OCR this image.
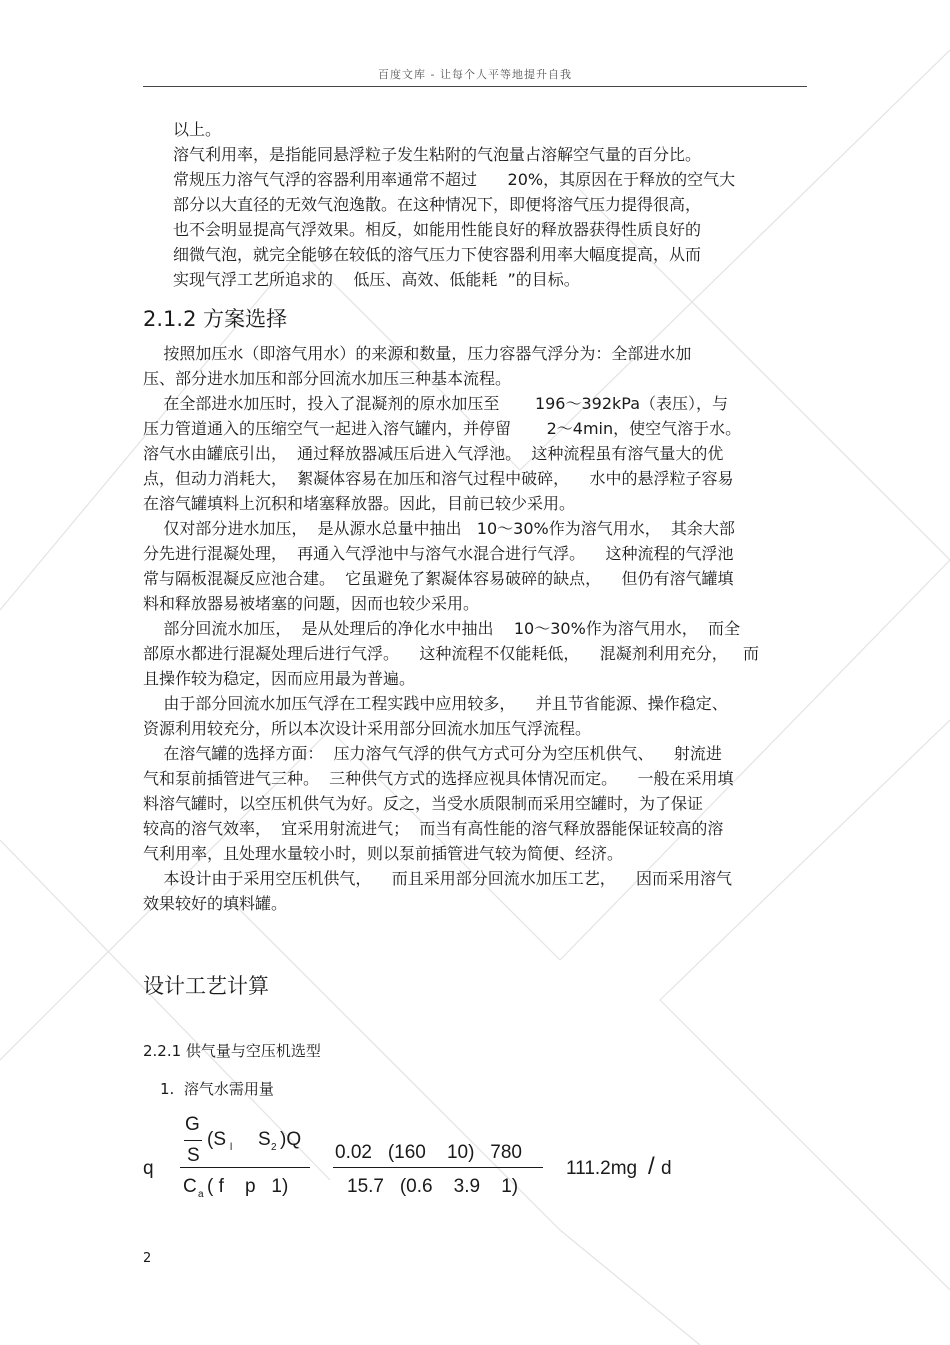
百度文库 - 让每个人平等地提升自我
以上。
溶气利用率，是指能同悬浮粒子发生粘附的气泡量占溶解空气量的百分比。
常规压力溶气气浮的容器利用率通常不超过      20%，其原因在于释放的空气大
部分以大直径的无效气泡逸散。在这种情况下，即便将溶气压力提得很高，
也不会明显提高气浮效果。相反，如能用性能良好的释放器获得性质良好的
细微气泡，就完全能够在较低的溶气压力下使容器利用率大幅度提高，从而
实现气浮工艺所追求的    低压、高效、低能耗  ”的目标。
2.1.2 方案选择
按照加压水（即溶气用水）的来源和数量，压力容器气浮分为：全部进水加
压、部分进水加压和部分回流水加压三种基本流程。
在全部进水加压时，投入了混凝剂的原水加压至       196～392kPa（表压），与
压力管道通入的压缩空气一起进入溶气罐内，并停留       2～4min，使空气溶于水。
溶气水由罐底引出，  通过释放器减压后进入气浮池。  这种流程虽有溶气量大的优
点，但动力消耗大，  絮凝体容易在加压和溶气过程中破碎，    水中的悬浮粒子容易
在溶气罐填料上沉积和堵塞释放器。因此，目前已较少采用。
仅对部分进水加压，  是从源水总量中抽出   10～30%作为溶气用水，  其余大部
分先进行混凝处理，  再通入气浮池中与溶气水混合进行气浮。    这种流程的气浮池
常与隔板混凝反应池合建。  它虽避免了絮凝体容易破碎的缺点，    但仍有溶气罐填
料和释放器易被堵塞的问题，因而也较少采用。
部分回流水加压，  是从处理后的净化水中抽出    10～30%作为溶气用水，  而全
部原水都进行混凝处理后进行气浮。    这种流程不仅能耗低，    混凝剂利用充分，   而
且操作较为稳定，因而应用最为普遍。
由于部分回流水加压气浮在工程实践中应用较多，    并且节省能源、操作稳定、
资源利用较充分，所以本次设计采用部分回流水加压气浮流程。
在溶气罐的选择方面：  压力溶气气浮的供气方式可分为空压机供气、    射流进
气和泵前插管进气三种。  三种供气方式的选择应视具体情况而定。    一般在采用填
料溶气罐时，以空压机供气为好。反之，当受水质限制而采用空罐时，为了保证
较高的溶气效率，  宜采用射流进气；  而当有高性能的溶气释放器能保证较高的溶
气利用率，且处理水量较小时，则以泵前插管进气较为简便、经济。
本设计由于采用空压机供气，    而且采用部分回流水加压工艺，    因而采用溶气
效果较好的填料罐。
设计工艺计算
2.2.1 供气量与空压机选型
1.  溶气水需用量
q
G
S
(S l S 2 )Q
C a ( f    p   1)
0.02   (160    10)   780
15.7   (0.6    3.9    1)
111.2mg / d
2
